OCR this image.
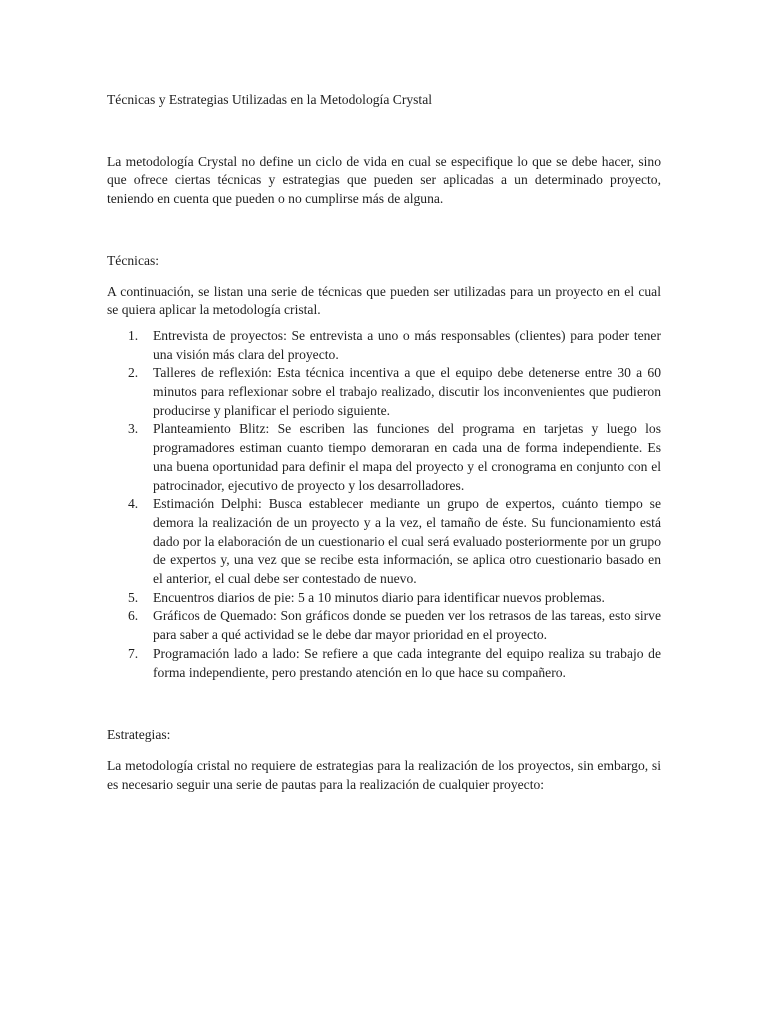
Técnicas y Estrategias Utilizadas en la Metodología Crystal

La metodología Crystal no define un ciclo de vida en cual se especifique lo que se debe hacer, sino que ofrece ciertas técnicas y estrategias que pueden ser aplicadas a un determinado proyecto, teniendo en cuenta que pueden o no cumplirse más de alguna.

Técnicas:

A continuación, se listan una serie de técnicas que pueden ser utilizadas para un proyecto en el cual se quiera aplicar la metodología cristal.

1. Entrevista de proyectos: Se entrevista a uno o más responsables (clientes) para poder tener una visión más clara del proyecto.
2. Talleres de reflexión: Esta técnica incentiva a que el equipo debe detenerse entre 30 a 60 minutos para reflexionar sobre el trabajo realizado, discutir los inconvenientes que pudieron producirse y planificar el periodo siguiente.
3. Planteamiento Blitz: Se escriben las funciones del programa en tarjetas y luego los programadores estiman cuanto tiempo demoraran en cada una de forma independiente. Es una buena oportunidad para definir el mapa del proyecto y el cronograma en conjunto con el patrocinador, ejecutivo de proyecto y los desarrolladores.
4. Estimación Delphi: Busca establecer mediante un grupo de expertos, cuánto tiempo se demora la realización de un proyecto y a la vez, el tamaño de éste. Su funcionamiento está dado por la elaboración de un cuestionario el cual será evaluado posteriormente por un grupo de expertos y, una vez que se recibe esta información, se aplica otro cuestionario basado en el anterior, el cual debe ser contestado de nuevo.
5. Encuentros diarios de pie: 5 a 10 minutos diario para identificar nuevos problemas.
6. Gráficos de Quemado: Son gráficos donde se pueden ver los retrasos de las tareas, esto sirve para saber a qué actividad se le debe dar mayor prioridad en el proyecto.
7. Programación lado a lado: Se refiere a que cada integrante del equipo realiza su trabajo de forma independiente, pero prestando atención en lo que hace su compañero.
Estrategias:

La metodología cristal no requiere de estrategias para la realización de los proyectos, sin embargo, si es necesario seguir una serie de pautas para la realización de cualquier proyecto:
